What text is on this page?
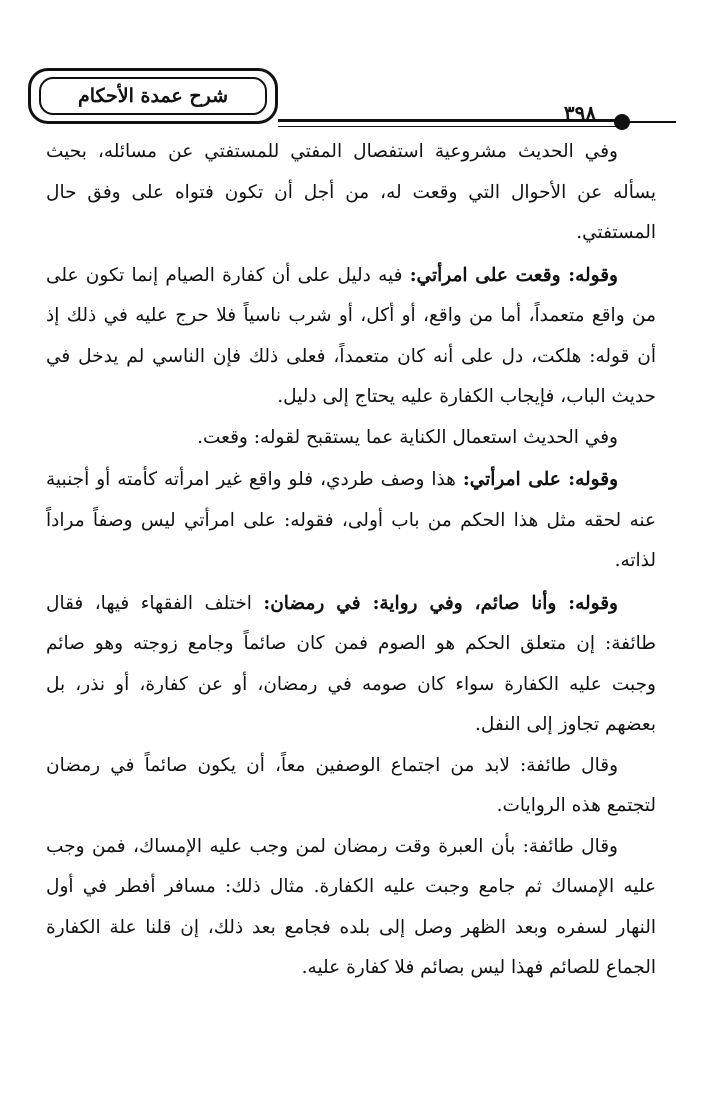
شرح عمدة الأحكام
٣٩٨

وفي الحديث مشروعية استفصال المفتي للمستفتي عن مسائله، بحيث يسأله عن الأحوال التي وقعت له، من أجل أن تكون فتواه على وفق حال المستفتي.

وقوله: وقعت على امرأتي: فيه دليل على أن كفارة الصيام إنما تكون على من واقع متعمداً، أما من واقع، أو أكل، أو شرب ناسياً فلا حرج عليه في ذلك إذ أن قوله: هلكت، دل على أنه كان متعمداً، فعلى ذلك فإن الناسي لم يدخل في حديث الباب، فإيجاب الكفارة عليه يحتاج إلى دليل.

وفي الحديث استعمال الكناية عما يستقبح لقوله: وقعت.

وقوله: على امرأتي: هذا وصف طردي، فلو واقع غير امرأته كأمته أو أجنبية عنه لحقه مثل هذا الحكم من باب أولى، فقوله: على امرأتي ليس وصفاً مراداً لذاته.

وقوله: وأنا صائم، وفي رواية: في رمضان: اختلف الفقهاء فيها، فقال طائفة: إن متعلق الحكم هو الصوم فمن كان صائماً وجامع زوجته وهو صائم وجبت عليه الكفارة سواء كان صومه في رمضان، أو عن كفارة، أو نذر، بل بعضهم تجاوز إلى النفل.

وقال طائفة: لابد من اجتماع الوصفين معاً، أن يكون صائماً في رمضان لتجتمع هذه الروايات.

وقال طائفة: بأن العبرة وقت رمضان لمن وجب عليه الإمساك، فمن وجب عليه الإمساك ثم جامع وجبت عليه الكفارة. مثال ذلك: مسافر أفطر في أول النهار لسفره وبعد الظهر وصل إلى بلده فجامع بعد ذلك، إن قلنا علة الكفارة الجماع للصائم فهذا ليس بصائم فلا كفارة عليه.
